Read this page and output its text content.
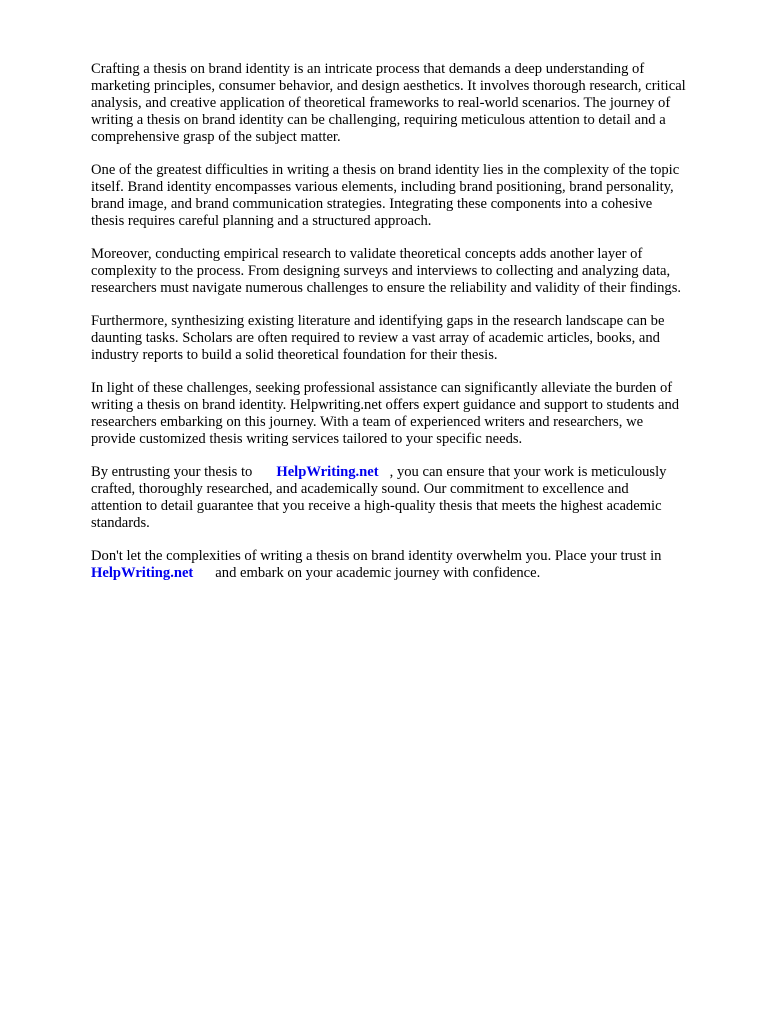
Crafting a thesis on brand identity is an intricate process that demands a deep understanding of
marketing principles, consumer behavior, and design aesthetics. It involves thorough research, critical
analysis, and creative application of theoretical frameworks to real-world scenarios. The journey of
writing a thesis on brand identity can be challenging, requiring meticulous attention to detail and a
comprehensive grasp of the subject matter.

One of the greatest difficulties in writing a thesis on brand identity lies in the complexity of the topic
itself. Brand identity encompasses various elements, including brand positioning, brand personality,
brand image, and brand communication strategies. Integrating these components into a cohesive
thesis requires careful planning and a structured approach.

Moreover, conducting empirical research to validate theoretical concepts adds another layer of
complexity to the process. From designing surveys and interviews to collecting and analyzing data,
researchers must navigate numerous challenges to ensure the reliability and validity of their findings.

Furthermore, synthesizing existing literature and identifying gaps in the research landscape can be
daunting tasks. Scholars are often required to review a vast array of academic articles, books, and
industry reports to build a solid theoretical foundation for their thesis.

In light of these challenges, seeking professional assistance can significantly alleviate the burden of
writing a thesis on brand identity. Helpwriting.net offers expert guidance and support to students and
researchers embarking on this journey. With a team of experienced writers and researchers, we
provide customized thesis writing services tailored to your specific needs.

By entrusting your thesis to HelpWriting.net , you can ensure that your work is meticulously
crafted, thoroughly researched, and academically sound. Our commitment to excellence and
attention to detail guarantee that you receive a high-quality thesis that meets the highest academic
standards.

Don't let the complexities of writing a thesis on brand identity overwhelm you. Place your trust in
HelpWriting.net and embark on your academic journey with confidence.
